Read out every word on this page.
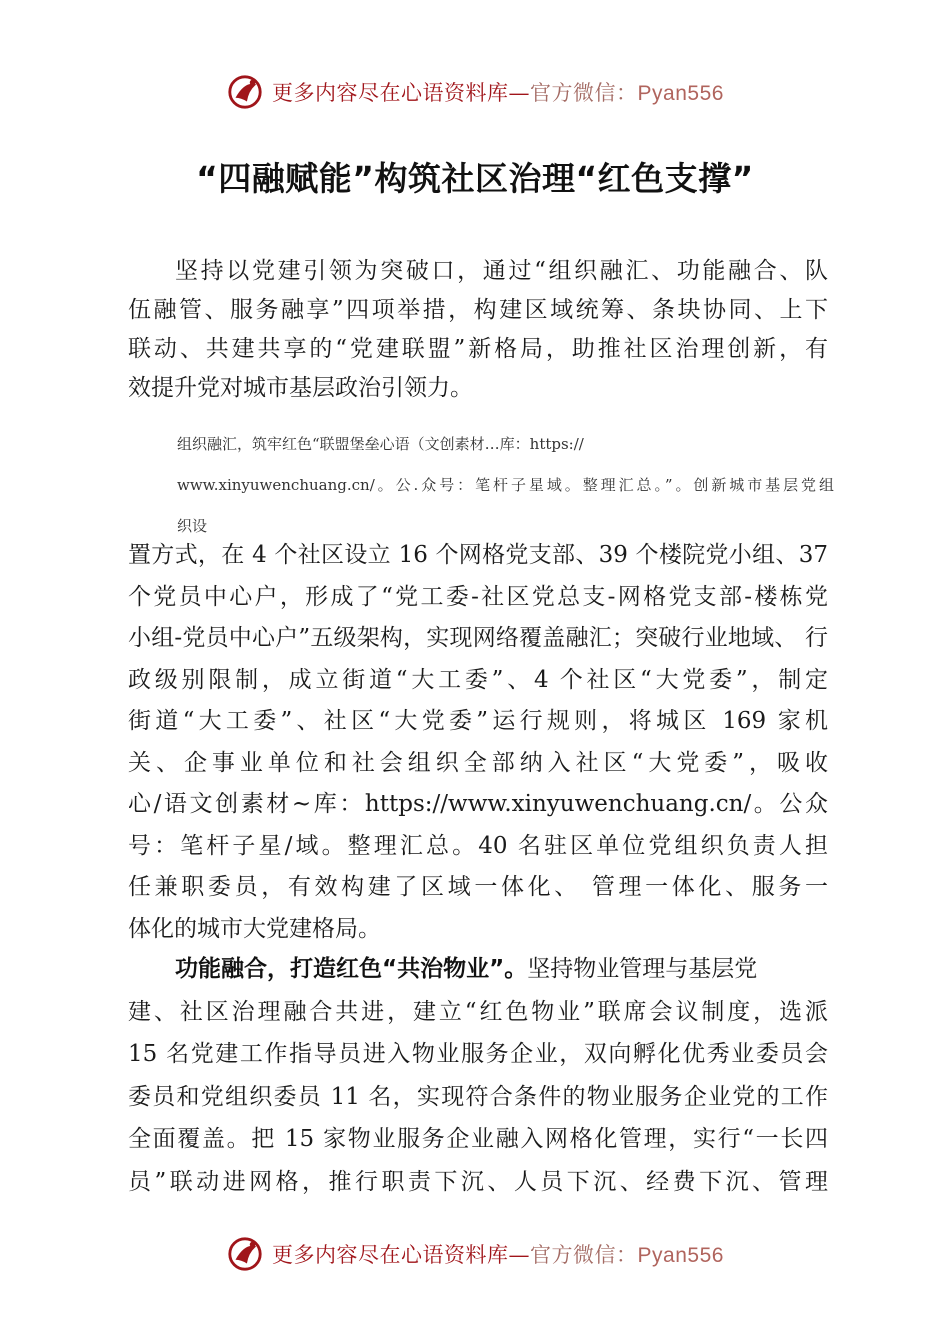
更多内容尽在心语资料库—官方微信：Pyan556
“四融赋能”构筑社区治理“红色支撑”
坚持以党建引领为突破口，通过“组织融汇、功能融合、队
伍融管、服务融享”四项举措，构建区域统筹、条块协同、上下
联动、共建共享的“党建联盟”新格局，助推社区治理创新，有
效提升党对城市基层政治引领力。
组织融汇，筑牢红色“联盟堡垒心语（文创素材…库：https://
www.xinyuwenchuang.cn/。公.众号：笔杆子星域。整理汇总。”。创新城市基层党组
织设
置方式，在 4 个社区设立 16 个网格党支部、39 个楼院党小组、37
个党员中心户，形成了“党工委-社区党总支-网格党支部-楼栋党
小组-党员中心户”五级架构，实现网络覆盖融汇；突破行业地域、 行
政级别限制，成立街道“大工委”、4 个社区“大党委”，制定
街道“大工委”、社区“大党委”运行规则，将城区 169 家机
关、企事业单位和社会组织全部纳入社区“大党委”，吸收
心/语文创素材~库：https://www.xinyuwenchuang.cn/。公众
号：笔杆子星/域。整理汇总。40 名驻区单位党组织负责人担
任兼职委员，有效构建了区域一体化、 管理一体化、服务一
体化的城市大党建格局。
功能融合，打造红色“共治物业”。坚持物业管理与基层党
建、社区治理融合共进，建立“红色物业”联席会议制度，选派
15 名党建工作指导员进入物业服务企业，双向孵化优秀业委员会
委员和党组织委员 11 名，实现符合条件的物业服务企业党的工作
全面覆盖。把 15 家物业服务企业融入网格化管理，实行“一长四
员”联动进网格，推行职责下沉、人员下沉、经费下沉、管理
更多内容尽在心语资料库—官方微信：Pyan556
